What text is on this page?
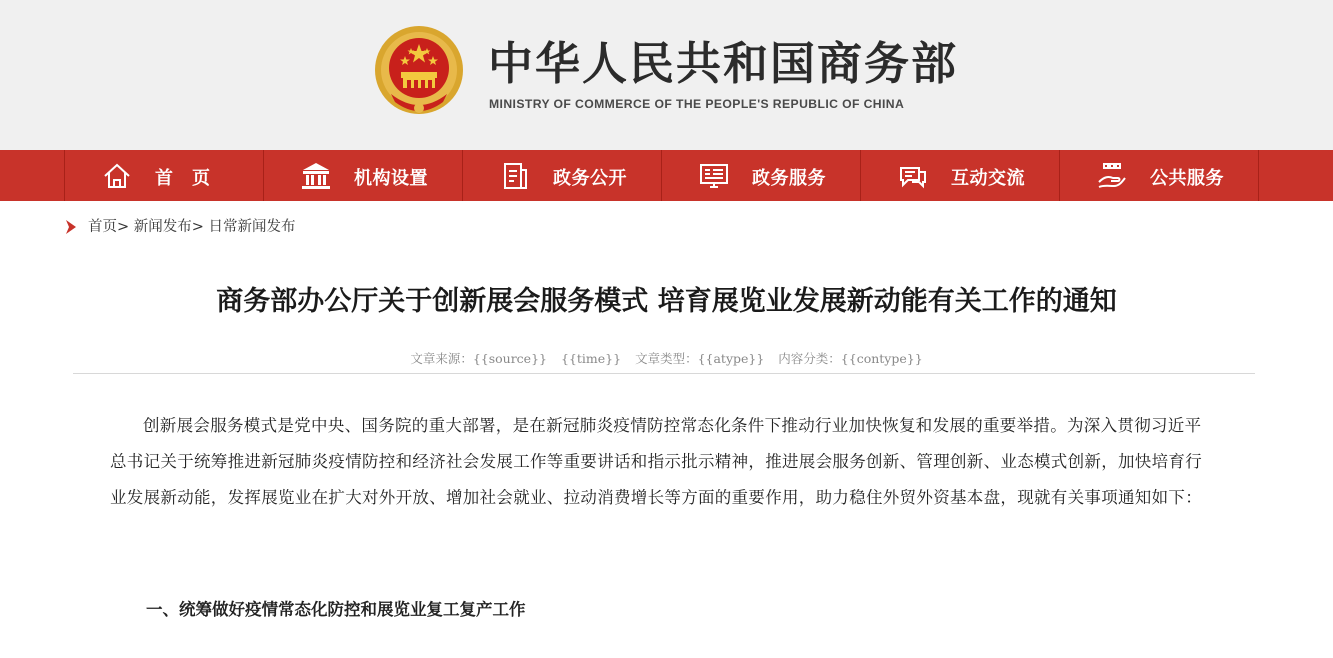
中华人民共和国商务部
MINISTRY OF COMMERCE OF THE PEOPLE'S REPUBLIC OF CHINA
首　页	机构设置	政务公开	政务服务	互动交流	公共服务
首页> 新闻发布> 日常新闻发布
商务部办公厅关于创新展会服务模式 培育展览业发展新动能有关工作的通知
文章来源：{{source}} {{time}} 文章类型：{{atype}} 内容分类：{{contype}}
创新展会服务模式是党中央、国务院的重大部署，是在新冠肺炎疫情防控常态化条件下推动行业加快恢复和发展的重要举措。为深入贯彻习近平总书记关于统筹推进新冠肺炎疫情防控和经济社会发展工作等重要讲话和指示批示精神，推进展会服务创新、管理创新、业态模式创新，加快培育行业发展新动能，发挥展览业在扩大对外开放、增加社会就业、拉动消费增长等方面的重要作用，助力稳住外贸外资基本盘，现就有关事项通知如下：
一、统筹做好疫情常态化防控和展览业复工复产工作
